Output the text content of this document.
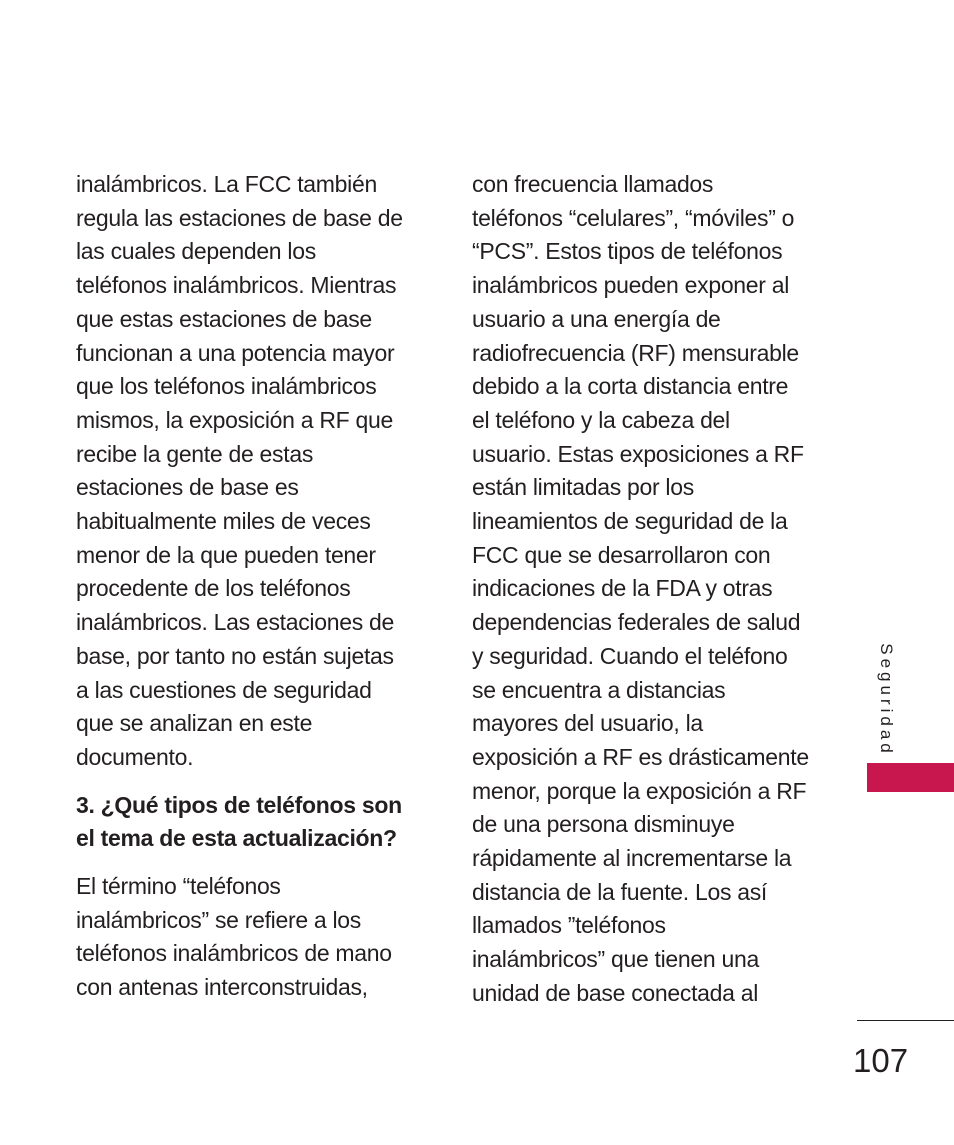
inalámbricos. La FCC también
regula las estaciones de base de
las cuales dependen los
teléfonos inalámbricos. Mientras
que estas estaciones de base
funcionan a una potencia mayor
que los teléfonos inalámbricos
mismos, la exposición a RF que
recibe la gente de estas
estaciones de base es
habitualmente miles de veces
menor de la que pueden tener
procedente de los teléfonos
inalámbricos. Las estaciones de
base, por tanto no están sujetas
a las cuestiones de seguridad
que se analizan en este
documento.
3. ¿Qué tipos de teléfonos son
el tema de esta actualización?
El término “teléfonos
inalámbricos” se refiere a los
teléfonos inalámbricos de mano
con antenas interconstruidas,
con frecuencia llamados
teléfonos “celulares”, “móviles” o
“PCS”. Estos tipos de teléfonos
inalámbricos pueden exponer al
usuario a una energía de
radiofrecuencia (RF) mensurable
debido a la corta distancia entre
el teléfono y la cabeza del
usuario. Estas exposiciones a RF
están limitadas por los
lineamientos de seguridad de la
FCC que se desarrollaron con
indicaciones de la FDA y otras
dependencias federales de salud
y seguridad. Cuando el teléfono
se encuentra a distancias
mayores del usuario, la
exposición a RF es drásticamente
menor, porque la exposición a RF
de una persona disminuye
rápidamente al incrementarse la
distancia de la fuente. Los así
llamados ”teléfonos
inalámbricos” que tienen una
unidad de base conectada al
Seguridad
107
